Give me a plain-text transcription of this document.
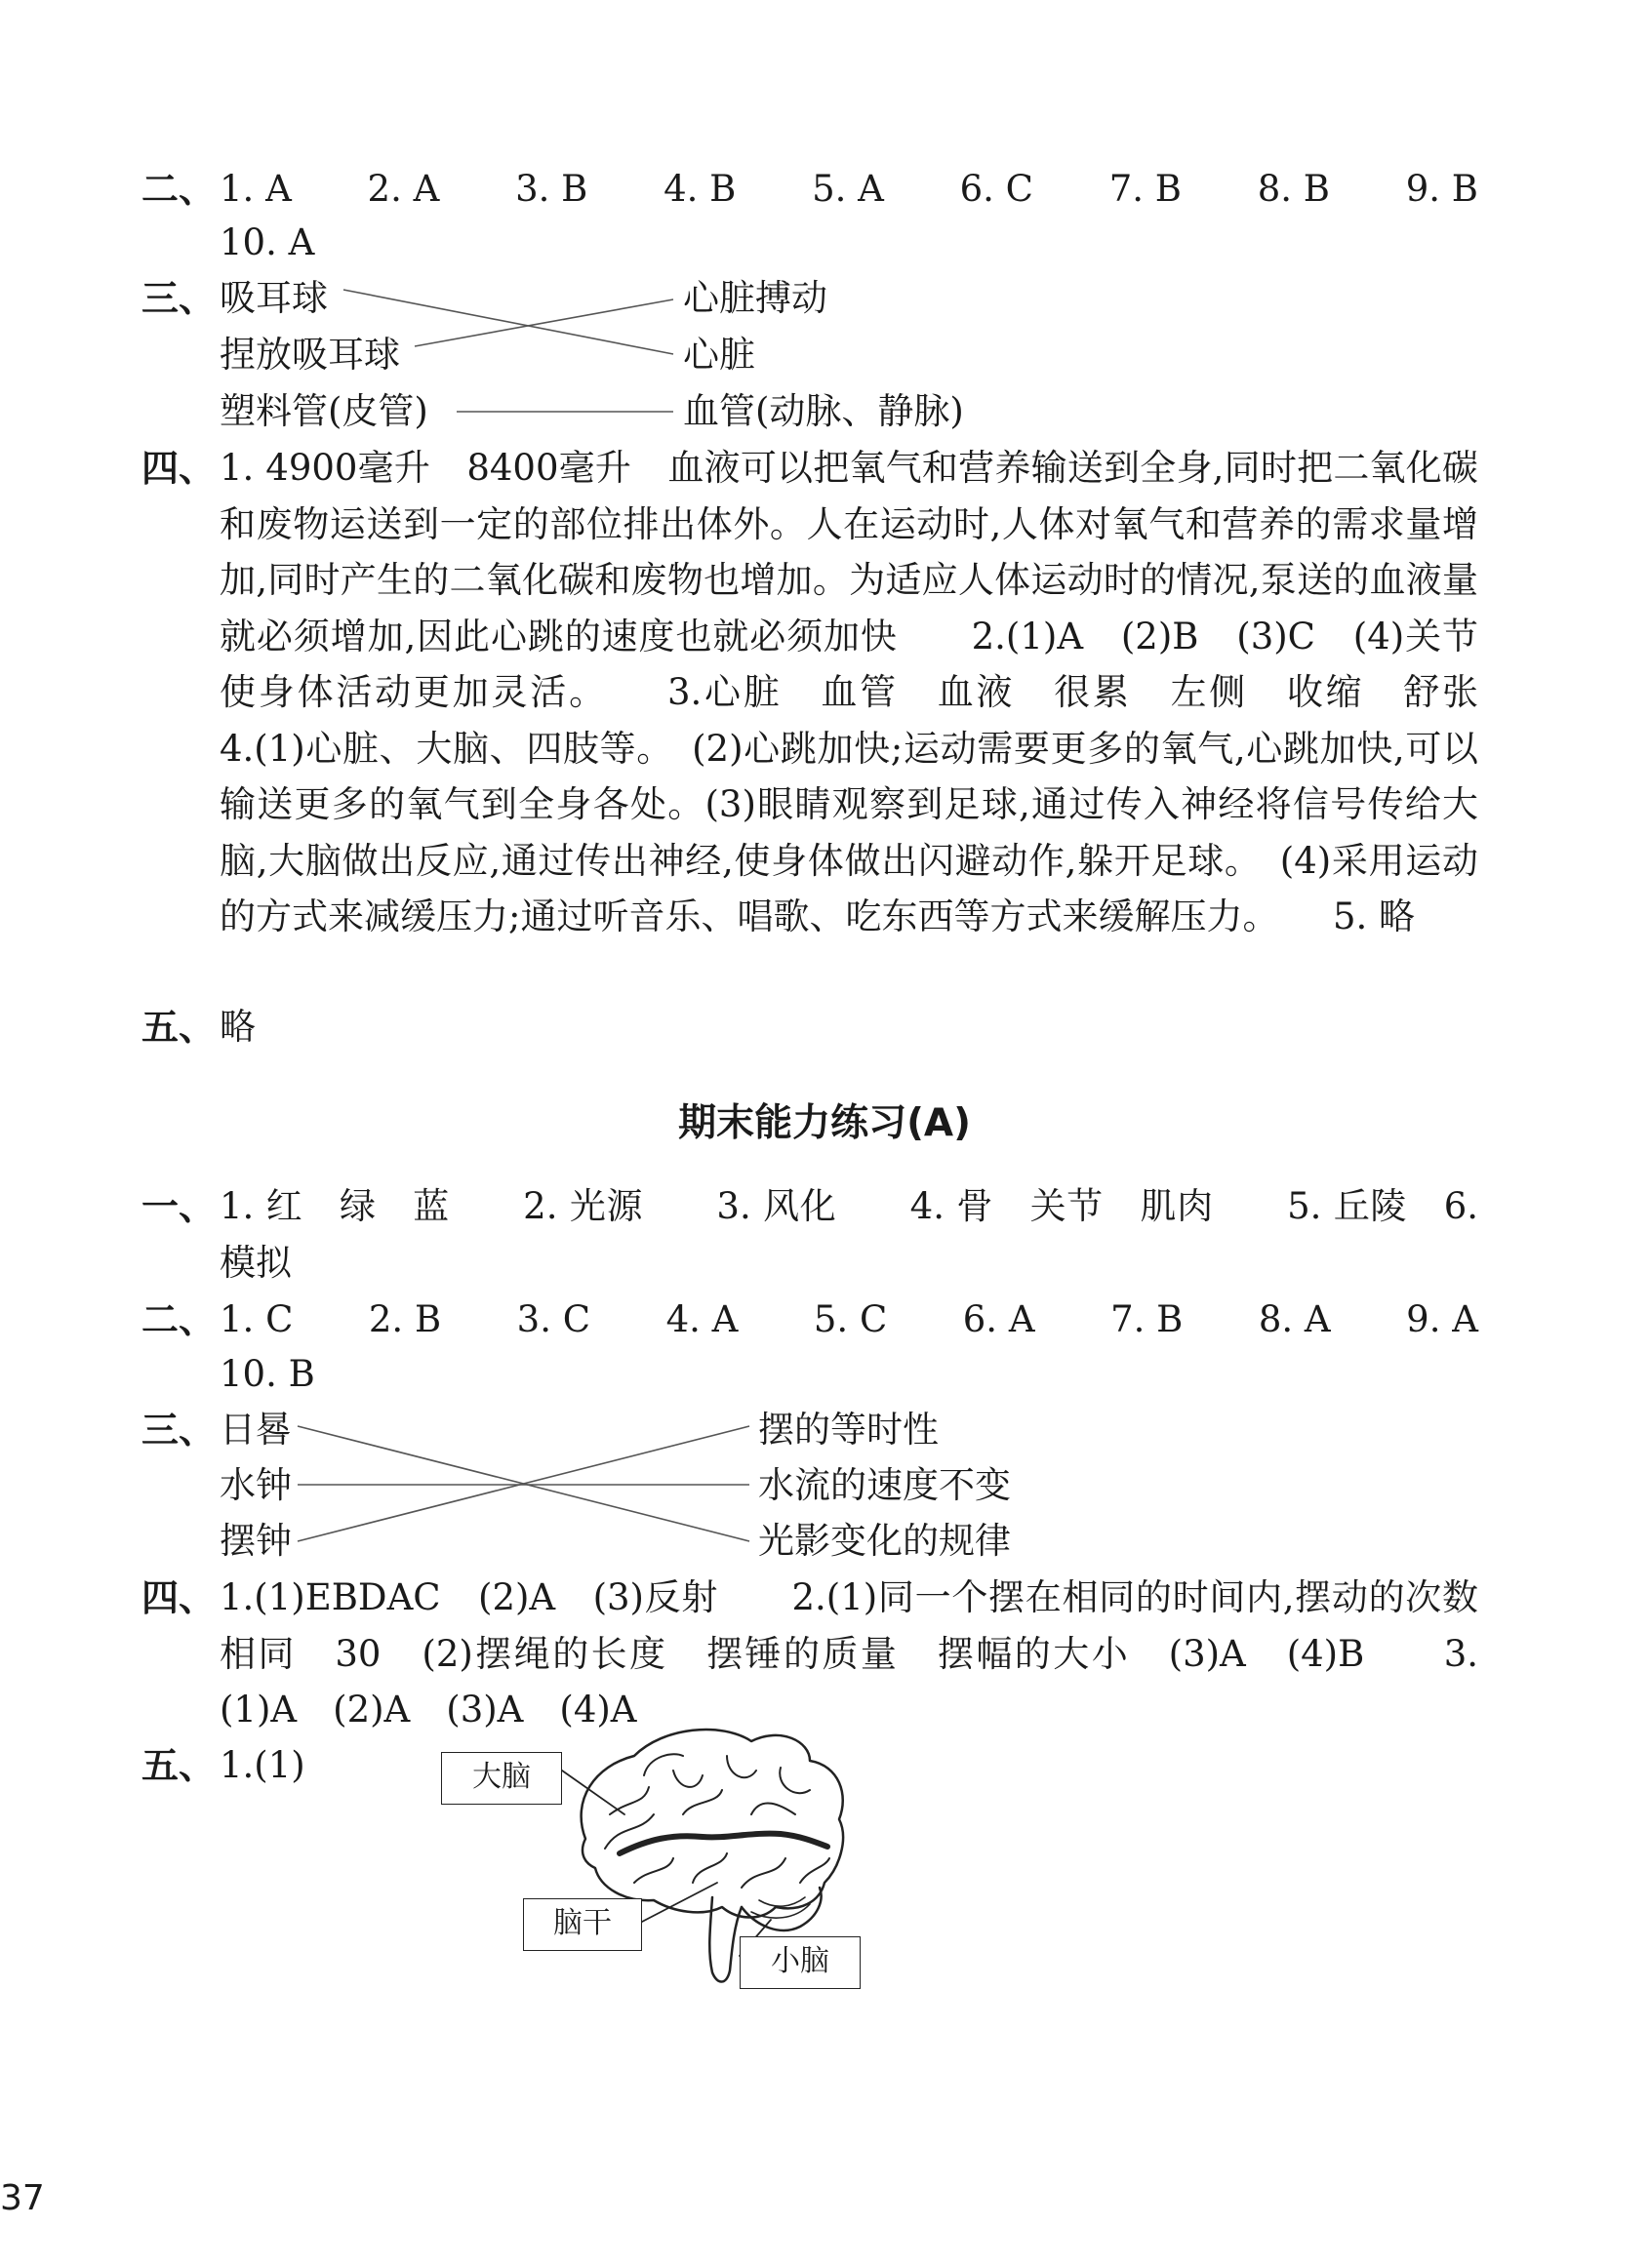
二、 1. A 2. A 3. B 4. B 5. A 6. C 7. B 8. B 9. B
10. A
三、 吸耳球
捏放吸耳球
塑料管(皮管)
心脏搏动
心脏
血管(动脉、静脉)
四、 1. 4900毫升　8400毫升　血液可以把氧气和营养输送到全身,同时把二氧化碳和废物运送到一定的部位排出体外。人在运动时,人体对氧气和营养的需求量增加,同时产生的二氧化碳和废物也增加。为适应人体运动时的情况,泵送的血液量就必须增加,因此心跳的速度也就必须加快　　2.(1)A　(2)B　(3)C　(4)关节使身体活动更加灵活。　　3.心脏　血管　血液　很累　左侧　收缩　舒张　　4.(1)心脏、大脑、四肢等。　(2)心跳加快;运动需要更多的氧气,心跳加快,可以输送更多的氧气到全身各处。(3)眼睛观察到足球,通过传入神经将信号传给大脑,大脑做出反应,通过传出神经,使身体做出闪避动作,躲开足球。　(4)采用运动的方式来减缓压力;通过听音乐、唱歌、吃东西等方式来缓解压力。　　5. 略
五、 略
期末能力练习(A)
一、 1. 红　绿　蓝　　2. 光源　　3. 风化　　4. 骨　关节　肌肉　　5. 丘陵　6. 模拟
二、 1. C 2. B 3. C 4. A 5. C 6. A 7. B 8. A 9. A
10. B
三、 日晷
水钟
摆钟
摆的等时性
水流的速度不变
光影变化的规律
四、 1.(1)EBDAC　(2)A　(3)反射　　2.(1)同一个摆在相同的时间内,摆动的次数相同　30　(2)摆绳的长度　摆锤的质量　摆幅的大小　(3)A　(4)B　　3.(1)A　(2)A　(3)A　(4)A
五、 1.(1)	大脑
脑干
小脑
37
